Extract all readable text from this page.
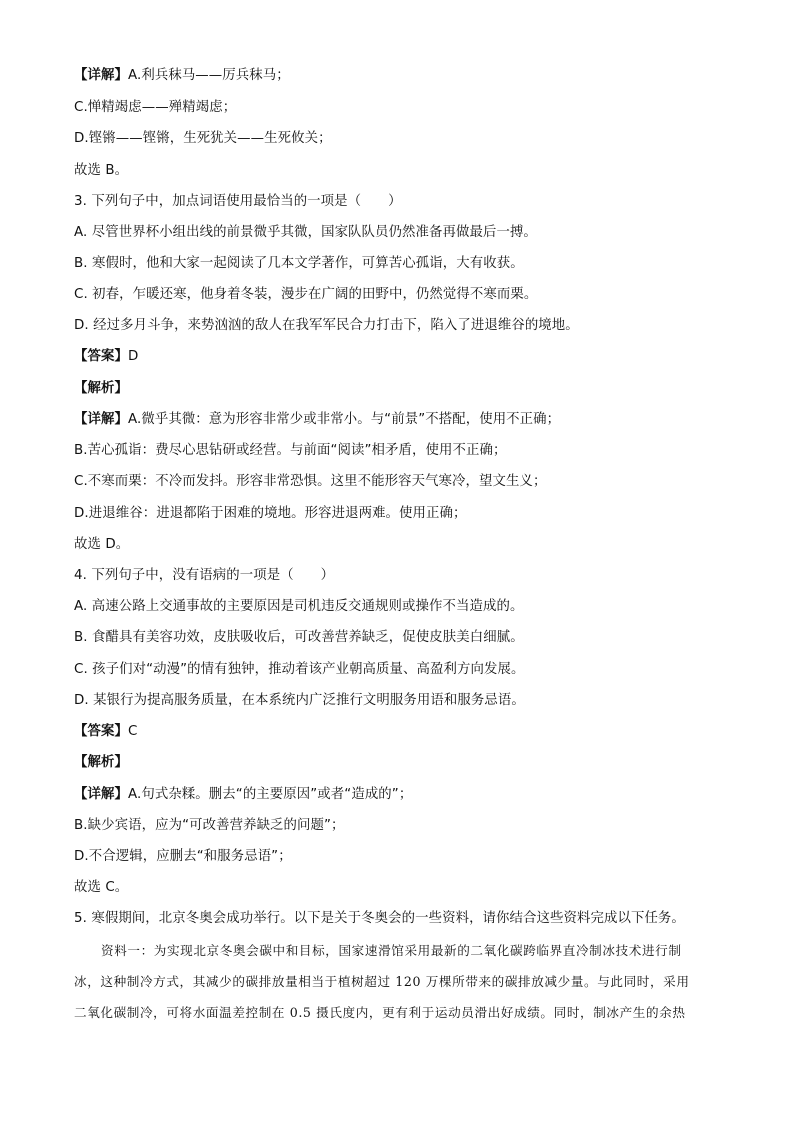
【详解】A.利兵秣马——厉兵秣马；
C.惮精竭虑——殚精竭虑；
D.铿锵——铿锵，生死犹关——生死攸关；
故选 B。
3. 下列句子中，加点词语使用最恰当的一项是（　　）
A. 尽管世界杯小组出线的前景微乎其微，国家队队员仍然准备再做最后一搏。
B. 寒假时，他和大家一起阅读了几本文学著作，可算苦心孤诣，大有收获。
C. 初春，乍暖还寒，他身着冬装，漫步在广阔的田野中，仍然觉得不寒而栗。
D. 经过多月斗争，来势汹汹的敌人在我军军民合力打击下，陷入了进退维谷的境地。
【答案】D
【解析】
【详解】A.微乎其微：意为形容非常少或非常小。与“前景”不搭配，使用不正确；
B.苦心孤诣：费尽心思钻研或经营。与前面“阅读”相矛盾，使用不正确；
C.不寒而栗：不冷而发抖。形容非常恐惧。这里不能形容天气寒冷，望文生义；
D.进退维谷：进退都陷于困难的境地。形容进退两难。使用正确；
故选 D。
4. 下列句子中，没有语病的一项是（　　）
A. 高速公路上交通事故的主要原因是司机违反交通规则或操作不当造成的。
B. 食醋具有美容功效，皮肤吸收后，可改善营养缺乏，促使皮肤美白细腻。
C. 孩子们对“动漫”的情有独钟，推动着该产业朝高质量、高盈利方向发展。
D. 某银行为提高服务质量，在本系统内广泛推行文明服务用语和服务忌语。
【答案】C
【解析】
【详解】A.句式杂糅。删去“的主要原因”或者“造成的”；
B.缺少宾语，应为“可改善营养缺乏的问题”；
D.不合逻辑，应删去“和服务忌语”；
故选 C。
5. 寒假期间，北京冬奥会成功举行。以下是关于冬奥会的一些资料，请你结合这些资料完成以下任务。
资料一：为实现北京冬奥会碳中和目标，国家速滑馆采用最新的二氧化碳跨临界直冷制冰技术进行制
冰，这种制冷方式，其减少的碳排放量相当于植树超过 120 万棵所带来的碳排放减少量。与此同时，采用
二氧化碳制冷，可将水面温差控制在 0.5 摄氏度内，更有利于运动员滑出好成绩。同时，制冰产生的余热
